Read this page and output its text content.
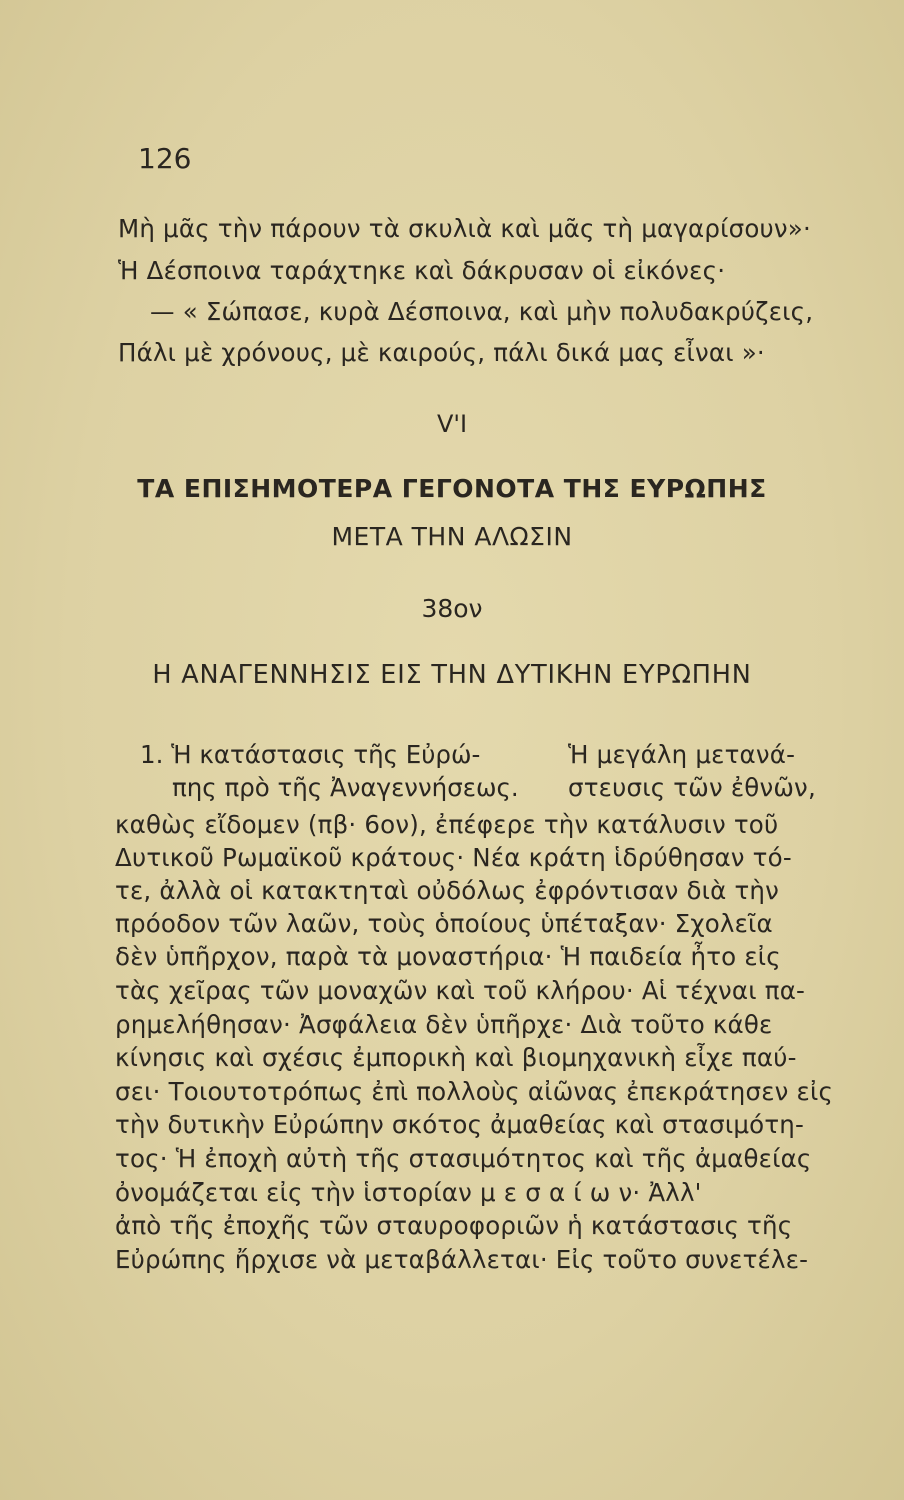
126
Μὴ μᾶς τὴν πάρουν τὰ σκυλιὰ καὶ μᾶς τὴ μαγαρίσουν»·
Ἡ Δέσποινα ταράχτηκε καὶ δάκρυσαν οἱ εἰκόνες·
— « Σώπασε, κυρὰ Δέσποινα, καὶ μὴν πολυδακρύζεις,
Πάλι μὲ χρόνους, μὲ καιρούς, πάλι δικά μας εἶναι »·
V'I
ΤΑ ΕΠΙΣΗΜΟΤΕΡΑ ΓΕΓΟΝΟΤΑ ΤΗΣ ΕΥΡΩΠΗΣ
ΜΕΤΑ ΤΗΝ ΑΛΩΣΙΝ
38ον
Η ΑΝΑΓΕΝΝΗΣΙΣ ΕΙΣ ΤΗΝ ΔΥΤΙΚΗΝ ΕΥΡΩΠΗΝ
1. Ἡ κατάστασις τῆς Εὐρώ-
πης πρὸ τῆς Ἀναγεννήσεως.
Ἡ μεγάλη μετανά-
στευσις τῶν ἐθνῶν,
καθὼς εἴδομεν (πβ· 6ον), ἐπέφερε τὴν κατάλυσιν τοῦ
Δυτικοῦ Ρωμαϊκοῦ κράτους· Νέα κράτη ἱδρύθησαν τό-
τε, ἀλλὰ οἱ κατακτηταὶ οὐδόλως ἐφρόντισαν διὰ τὴν
πρόοδον τῶν λαῶν, τοὺς ὁποίους ὑπέταξαν· Σχολεῖα
δὲν ὑπῆρχον, παρὰ τὰ μοναστήρια· Ἡ παιδεία ἦτο εἰς
τὰς χεῖρας τῶν μοναχῶν καὶ τοῦ κλήρου· Αἱ τέχναι πα-
ρημελήθησαν· Ἀσφάλεια δὲν ὑπῆρχε· Διὰ τοῦτο κάθε
κίνησις καὶ σχέσις ἐμπορικὴ καὶ βιομηχανικὴ εἶχε παύ-
σει· Τοιουτοτρόπως ἐπὶ πολλοὺς αἰῶνας ἐπεκράτησεν εἰς
τὴν δυτικὴν Εὐρώπην σκότος ἀμαθείας καὶ στασιμότη-
τος· Ἡ ἐποχὴ αὐτὴ τῆς στασιμότητος καὶ τῆς ἀμαθείας
ὀνομάζεται εἰς τὴν ἱστορίαν μ ε σ α ί ω ν· Ἀλλ'
ἀπὸ τῆς ἐποχῆς τῶν σταυροφοριῶν ἡ κατάστασις τῆς
Εὐρώπης ἤρχισε νὰ μεταβάλλεται· Εἰς τοῦτο συνετέλε-
